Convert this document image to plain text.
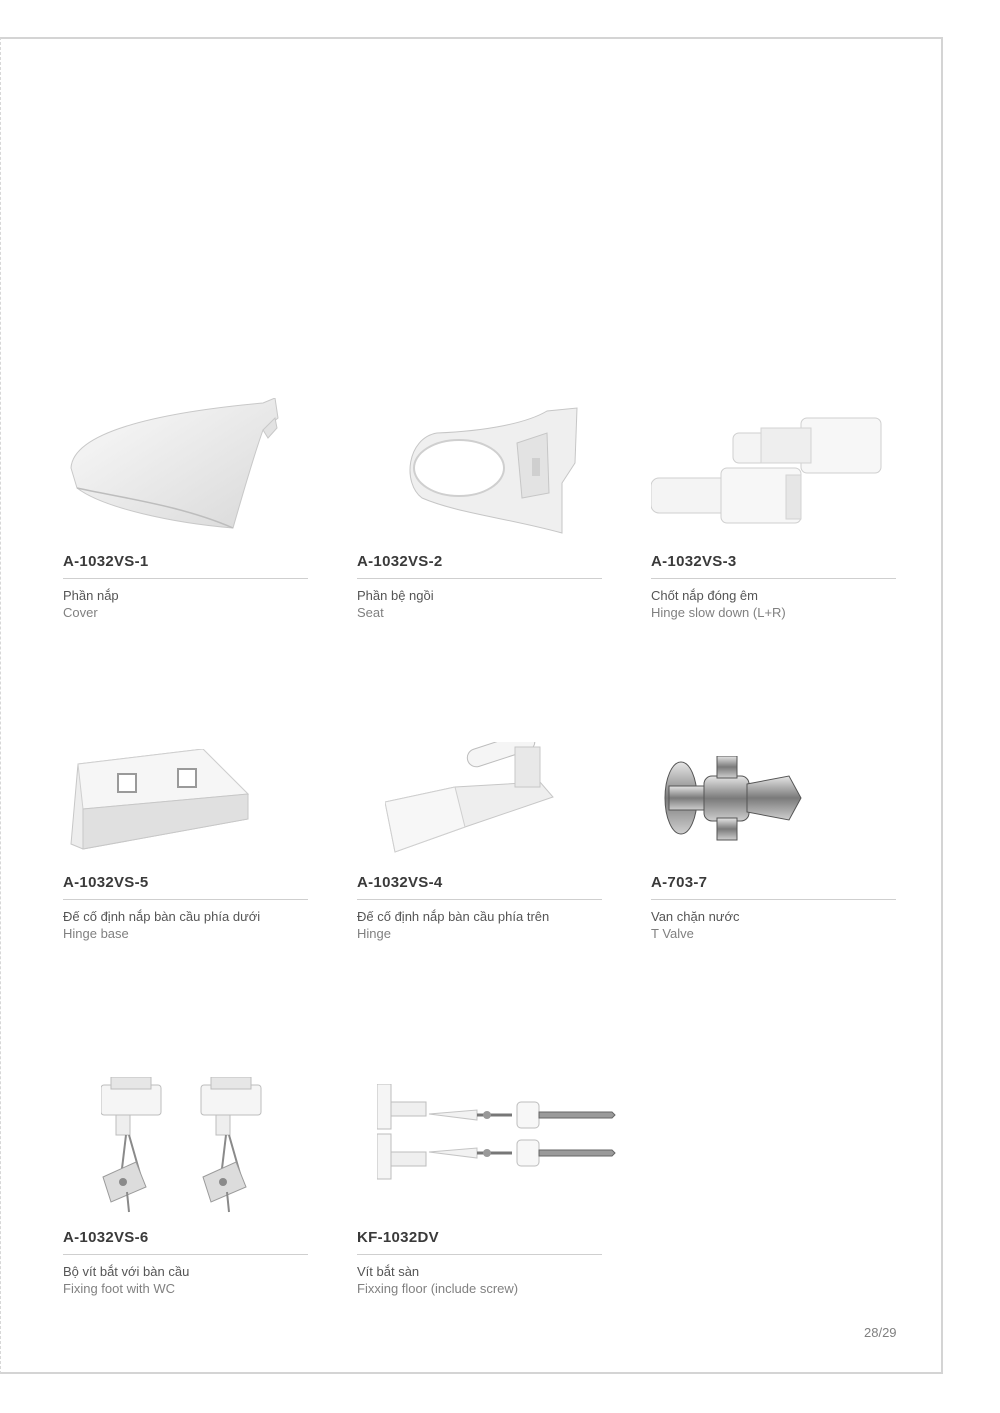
A-1032VS-1
Phần nắp
Cover
A-1032VS-2
Phần bệ ngồi
Seat
A-1032VS-3
Chốt nắp đóng êm
Hinge slow down (L+R)
A-1032VS-5
Đế cố định nắp bàn cầu phía dưới
Hinge base
A-1032VS-4
Đế cố định nắp bàn cầu phía trên
Hinge
A-703-7
Van chặn nước
T Valve
A-1032VS-6
Bộ vít bắt với bàn cầu
Fixing foot with WC
KF-1032DV
Vít bắt sàn
Fixxing floor (include screw)
28/29
